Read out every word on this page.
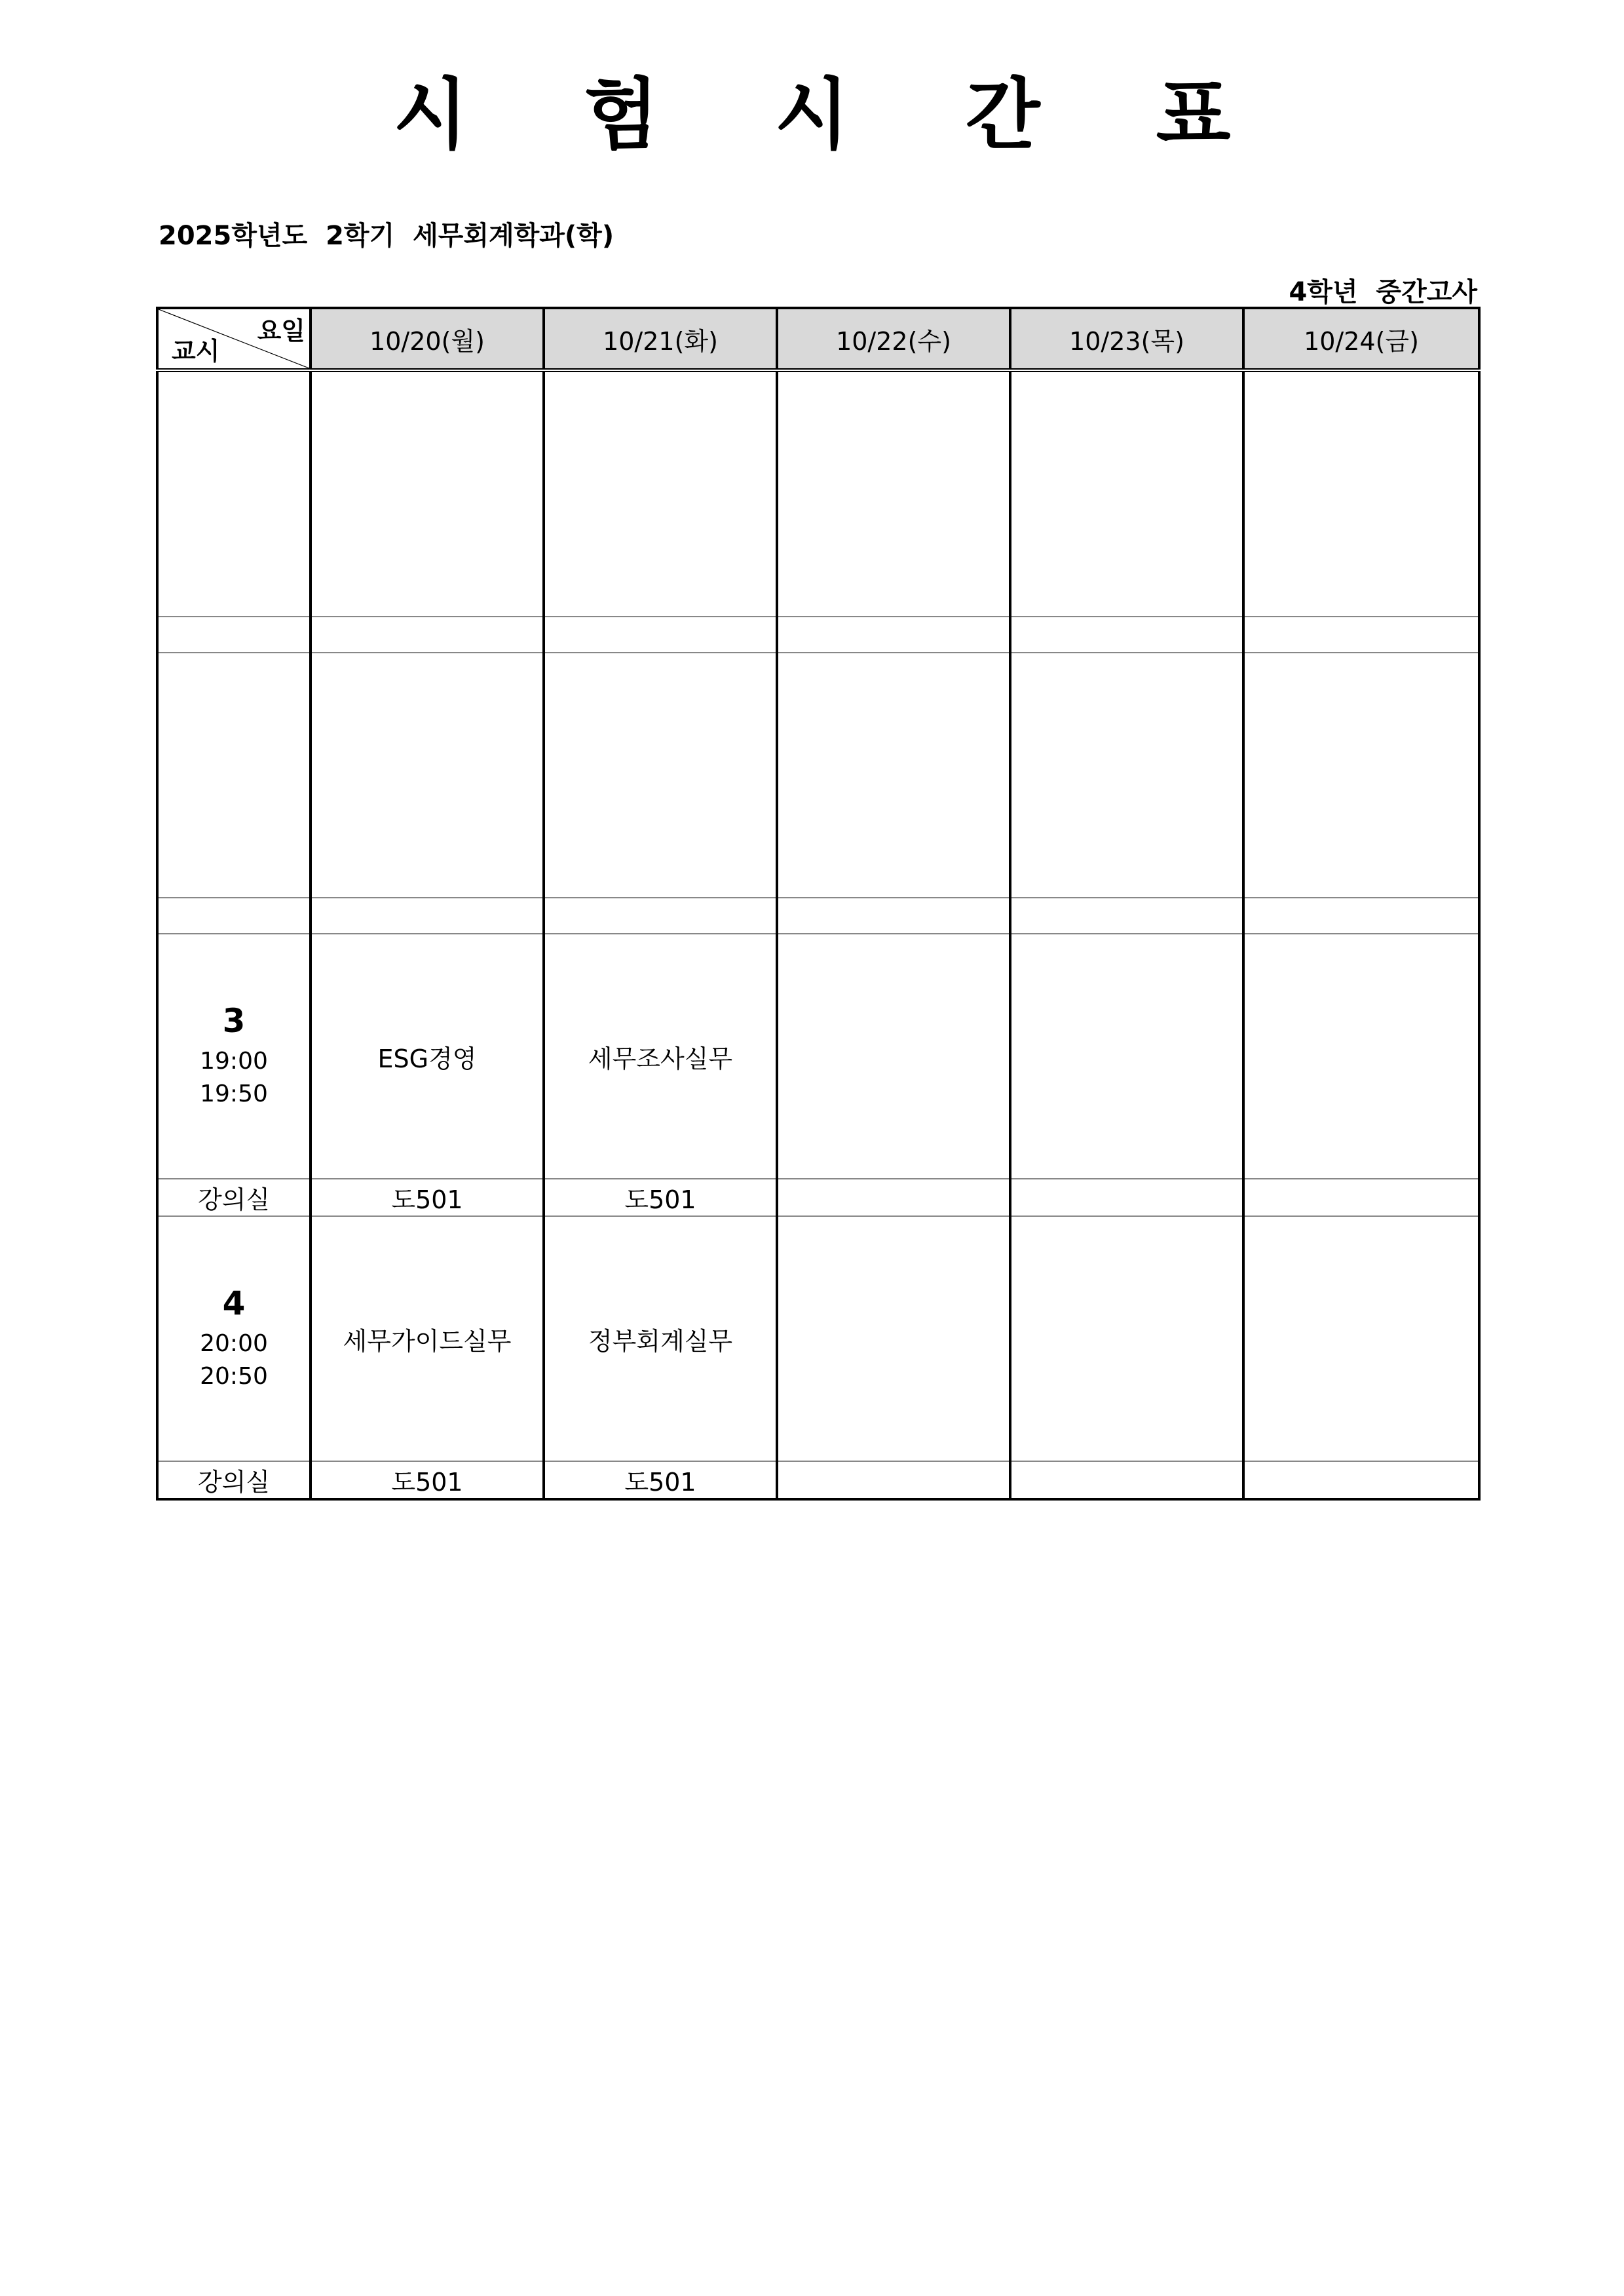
시 험 시 간 표
2025학년도  2학기  세무회계학과(학)
4학년  중간고사
요일
교시	10/20(월)	10/21(화)	10/22(수)	10/23(목)	10/24(금)

3
19:00
19:50	ESG경영	세무조사실무			
강의실	도501	도501			

4
20:00
20:50	세무가이드실무	정부회계실무			
강의실	도501	도501			
